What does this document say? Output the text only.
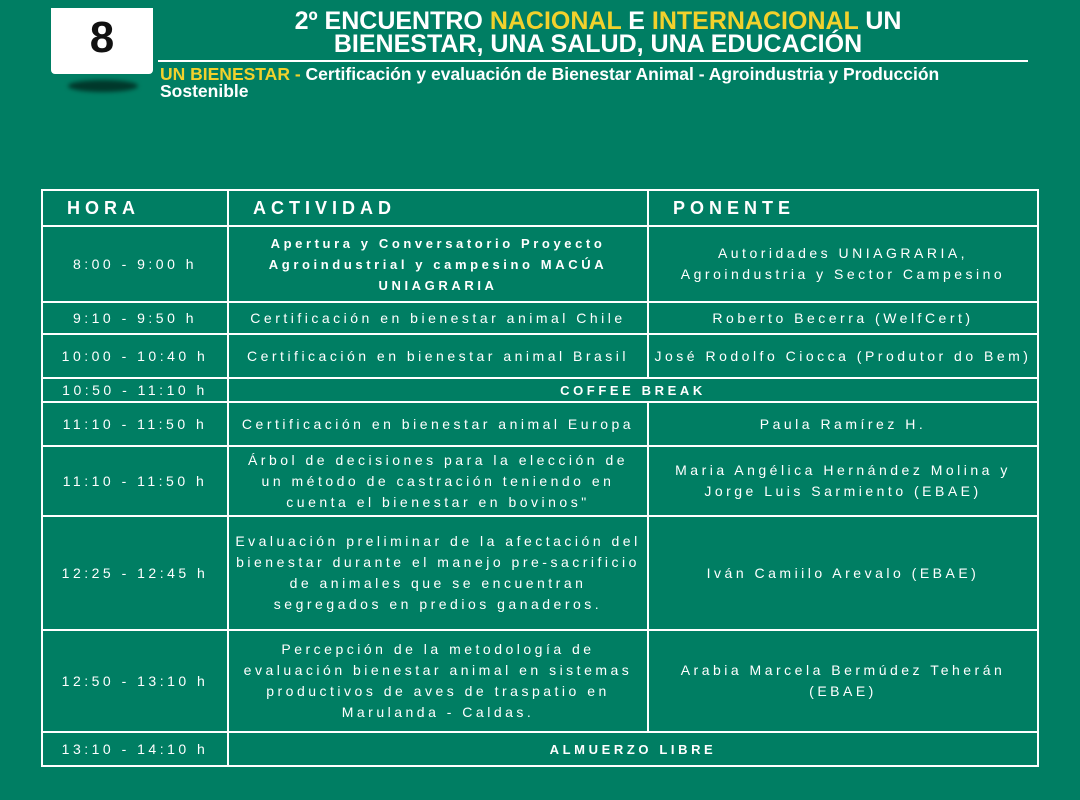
8	2º ENCUENTRO NACIONAL E INTERNACIONAL UN
BIENESTAR, UNA SALUD, UNA EDUCACIÓN
UN BIENESTAR - Certificación y evaluación de Bienestar Animal - Agroindustria y Producción Sostenible
HORA	ACTIVIDAD	PONENTE
8:00 - 9:00 h	Apertura y Conversatorio Proyecto Agroindustrial y campesino MACÚA UNIAGRARIA	Autoridades UNIAGRARIA, Agroindustria y Sector Campesino
9:10 - 9:50 h	Certificación en bienestar animal Chile	Roberto Becerra (WelfCert)
10:00 - 10:40 h	Certificación en bienestar animal Brasil	José Rodolfo Ciocca (Produtor do Bem)
10:50 - 11:10 h	COFFEE BREAK	
11:10 - 11:50 h	Certificación en bienestar animal Europa	Paula Ramírez H.
11:10 - 11:50 h	Árbol de decisiones para la elección de un método de castración teniendo en cuenta el bienestar en bovinos"	Maria Angélica Hernández Molina y Jorge Luis Sarmiento (EBAE)
12:25 - 12:45 h	Evaluación preliminar de la afectación del bienestar durante el manejo pre-sacrificio de animales que se encuentran segregados en predios ganaderos.	Iván Camiilo Arevalo (EBAE)
12:50 - 13:10 h	Percepción de la metodología de evaluación bienestar animal en sistemas productivos de aves de traspatio en Marulanda - Caldas.	Arabia Marcela Bermúdez Teherán (EBAE)
13:10 - 14:10 h	ALMUERZO LIBRE	
